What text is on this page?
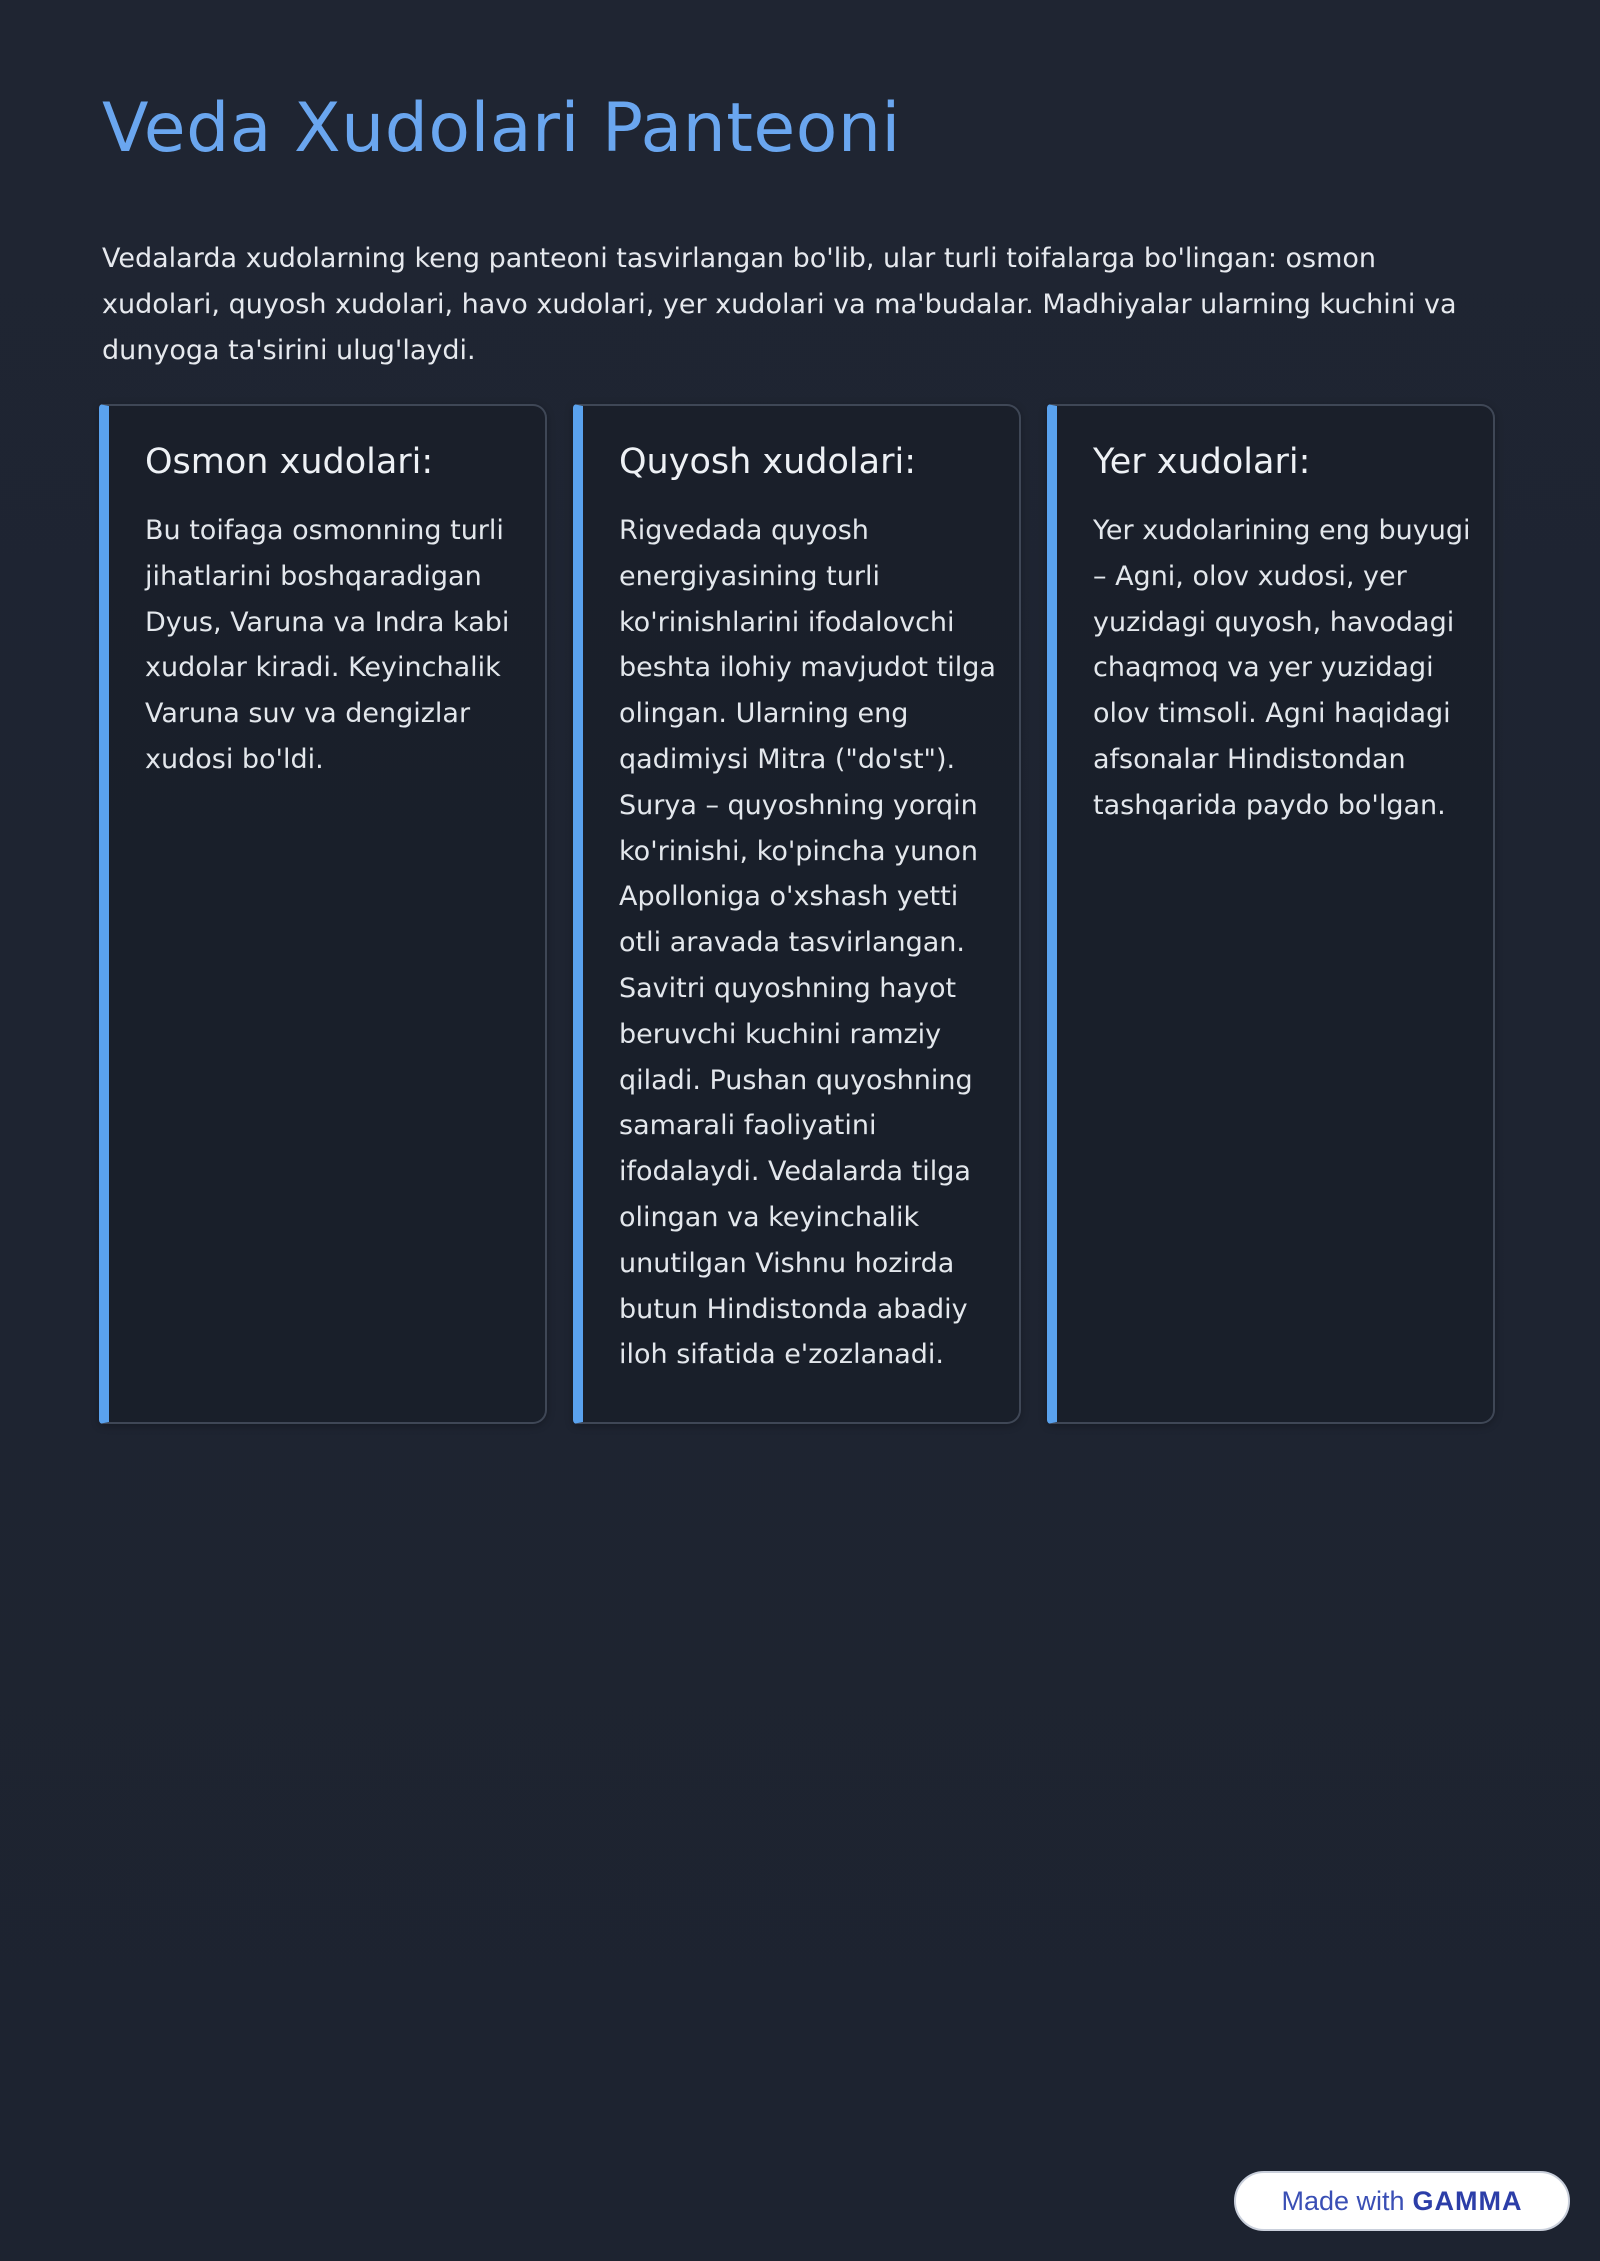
Veda Xudolari Panteoni

Vedalarda xudolarning keng panteoni tasvirlangan bo'lib, ular turli toifalarga bo'lingan: osmon xudolari, quyosh xudolari, havo xudolari, yer xudolari va ma'budalar. Madhiyalar ularning kuchini va dunyoga ta'sirini ulug'laydi.

Osmon xudolari:

Bu toifaga osmonning turli jihatlarini boshqaradigan Dyus, Varuna va Indra kabi xudolar kiradi. Keyinchalik Varuna suv va dengizlar xudosi bo'ldi.

Quyosh xudolari:

Rigvedada quyosh energiyasining turli ko'rinishlarini ifodalovchi beshta ilohiy mavjudot tilga olingan. Ularning eng qadimiysi Mitra ("do'st"). Surya – quyoshning yorqin ko'rinishi, ko'pincha yunon Apolloniga o'xshash yetti otli aravada tasvirlangan. Savitri quyoshning hayot beruvchi kuchini ramziy qiladi. Pushan quyoshning samarali faoliyatini ifodalaydi. Vedalarda tilga olingan va keyinchalik unutilgan Vishnu hozirda butun Hindistonda abadiy iloh sifatida e'zozlanadi.

Yer xudolari:

Yer xudolarining eng buyugi – Agni, olov xudosi, yer yuzidagi quyosh, havodagi chaqmoq va yer yuzidagi olov timsoli. Agni haqidagi afsonalar Hindistondan tashqarida paydo bo'lgan.

Made with GAMMA
